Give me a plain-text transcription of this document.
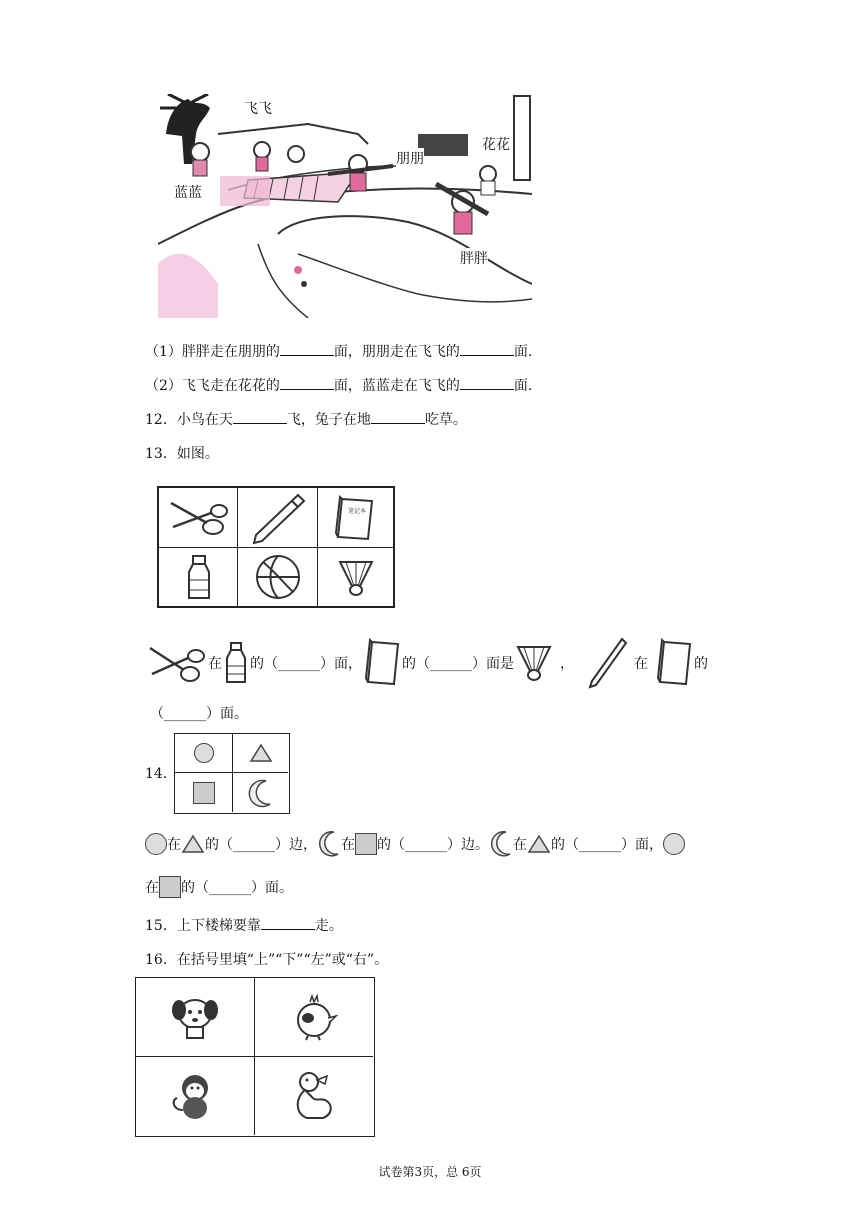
飞飞
蓝蓝
朋朋
花花
胖胖
（1）胖胖走在朋朋的	面，朋朋走在飞飞的	面.
（2）飞飞走在花花的	面，蓝蓝走在飞飞的	面.
12．小鸟在天	飞，兔子在地	吃草。
13．如图。
笔记本
在 的（______）面，	的（______）面是	，	在	的
（______）面。
14．
在 的（______）边， 在 的（______）边。 在 的（______）面，
在 的（______）面。
15．上下楼梯要靠	走。
16．在括号里填“上”“下”“左”或“右”。
试卷第3页，总 6页
